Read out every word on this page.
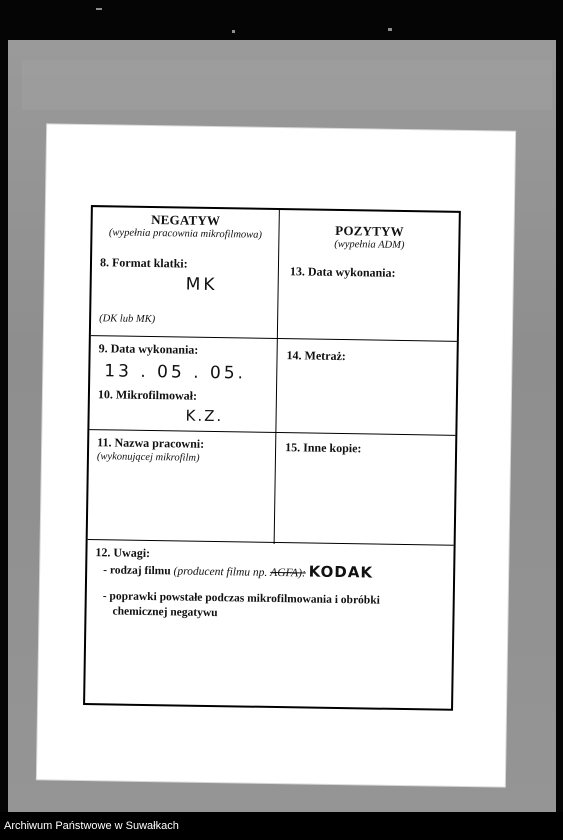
NEGATYW
(wypełnia pracownia mikrofilmowa)
8. Format klatki:
MK
(DK lub MK)
POZYTYW
(wypełnia ADM)
13. Data wykonania:
9. Data wykonania:
13 . 05 . 05.
10. Mikrofilmował:
K.Z.
14. Metraż:
11. Nazwa pracowni:
(wykonującej mikrofilm)
15. Inne kopie:
12. Uwagi:
- rodzaj filmu (producent filmu np. AGFA): KODAK
- poprawki powstałe podczas mikrofilmowania i obróbki
chemicznej negatywu
Archiwum Państwowe w Suwałkach
